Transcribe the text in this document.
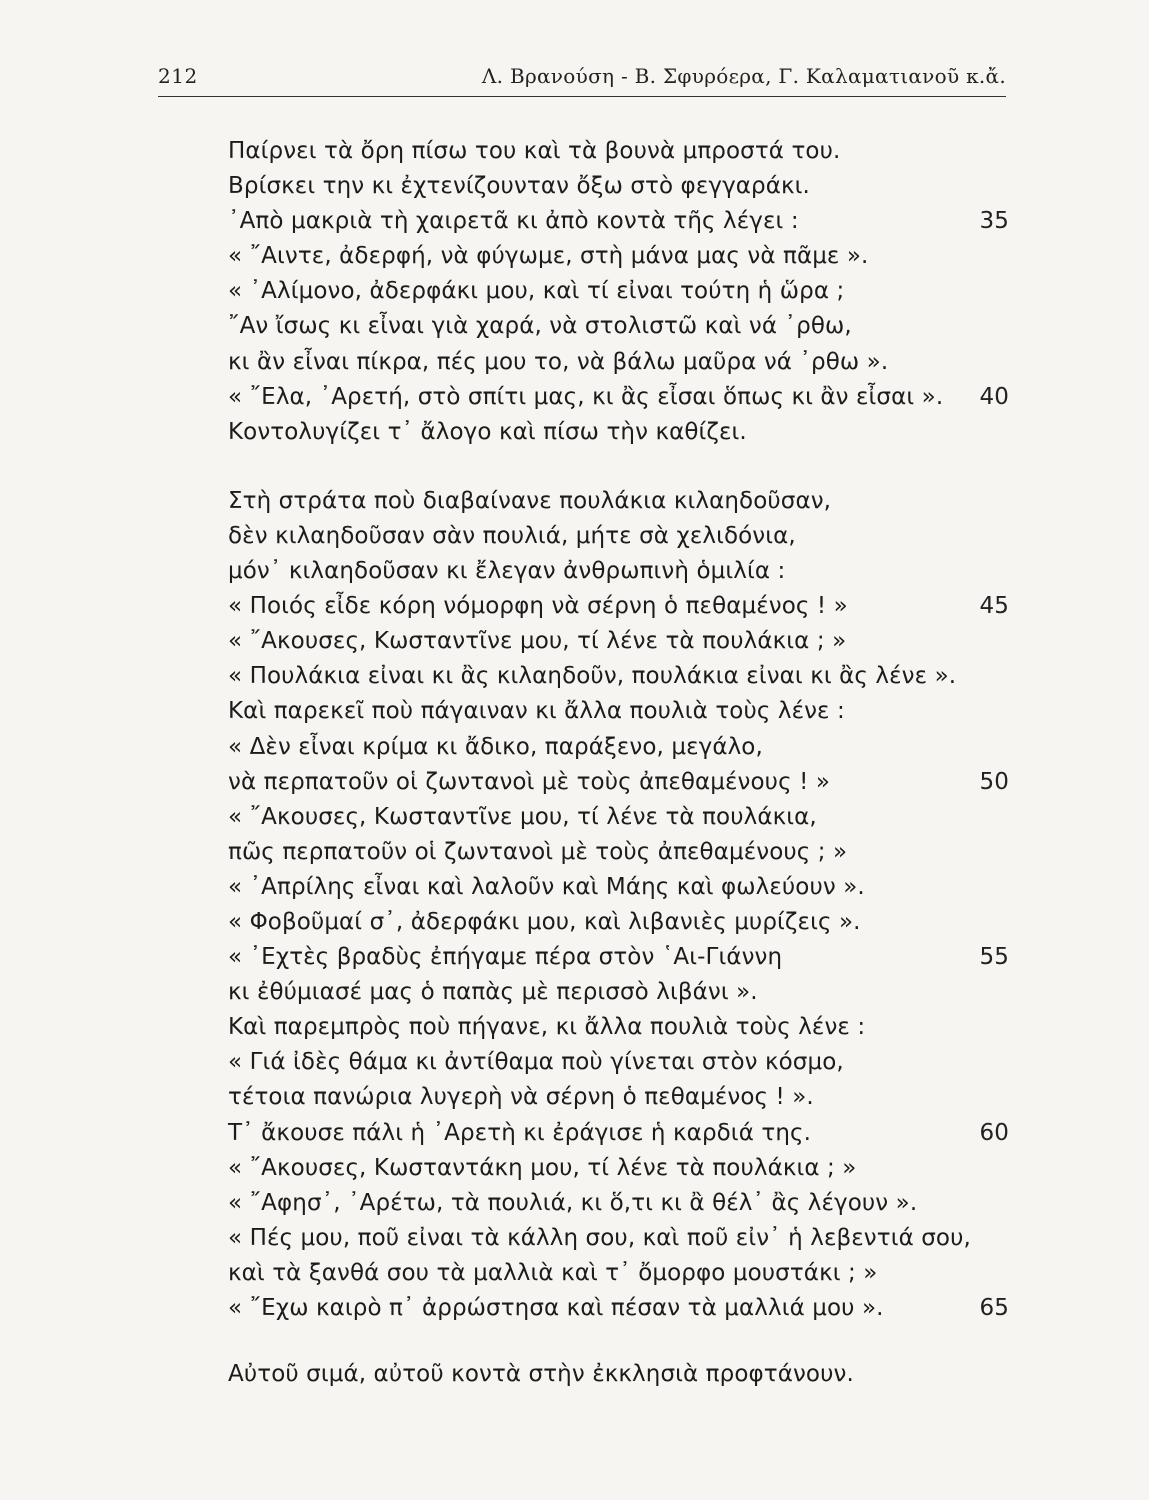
212	Λ. Βρανούση - Β. Σφυρόερα, Γ. Καλαματιανοῦ κ.ἄ.
Παίρνει τὰ ὄρη πίσω του καὶ τὰ βουνὰ μπροστά του.
Βρίσκει την κι ἐχτενίζουνταν ὄξω στὸ φεγγαράκι.
᾿Απὸ μακριὰ τὴ χαιρετᾶ κι ἀπὸ κοντὰ τῆς λέγει :	35
« ῎Αιντε, ἀδερφή, νὰ φύγωμε, στὴ μάνα μας νὰ πᾶμε ».
« ᾿Αλίμονο, ἀδερφάκι μου, καὶ τί εἰναι τούτη ἡ ὥρα ;
῎Αν ἴσως κι εἶναι γιὰ χαρά, νὰ στολιστῶ καὶ νά ᾿ρθω,
κι ἂν εἶναι πίκρα, πές μου το, νὰ βάλω μαῦρα νά ᾿ρθω ».
« ῎Ελα, ᾿Αρετή, στὸ σπίτι μας, κι ἂς εἶσαι ὅπως κι ἂν εἶσαι ». 40
Κοντολυγίζει τ᾿ ἄλογο καὶ πίσω τὴν καθίζει.
Στὴ στράτα ποὺ διαβαίνανε πουλάκια κιλαηδοῦσαν,
δὲν κιλαηδοῦσαν σὰν πουλιά, μήτε σὰ χελιδόνια,
μόν᾿ κιλαηδοῦσαν κι ἔλεγαν ἀνθρωπινὴ ὁμιλία :
« Ποιός εἶδε κόρη νόμορφη νὰ σέρνη ὁ πεθαμένος ! »	45
« ῎Ακουσες, Κωσταντῖνε μου, τί λένε τὰ πουλάκια ; »
« Πουλάκια εἰναι κι ἂς κιλαηδοῦν, πουλάκια εἰναι κι ἂς λένε ».
Καὶ παρεκεῖ ποὺ πάγαιναν κι ἄλλα πουλιὰ τοὺς λένε :
« Δὲν εἶναι κρίμα κι ἄδικο, παράξενο, μεγάλο,
νὰ περπατοῦν οἱ ζωντανοὶ μὲ τοὺς ἀπεθαμένους ! »	50
« ῎Ακουσες, Κωσταντῖνε μου, τί λένε τὰ πουλάκια,
πῶς περπατοῦν οἱ ζωντανοὶ μὲ τοὺς ἀπεθαμένους ; »
« ᾿Απρίλης εἶναι καὶ λαλοῦν καὶ Μάης καὶ φωλεύουν ».
« Φοβοῦμαί σ᾿, ἀδερφάκι μου, καὶ λιβανιὲς μυρίζεις ».
« ᾿Εχτὲς βραδὺς ἐπήγαμε πέρα στὸν ῾Αι-Γιάννη	55
κι ἐθύμιασέ μας ὁ παπὰς μὲ περισσὸ λιβάνι ».
Καὶ παρεμπρὸς ποὺ πήγανε, κι ἄλλα πουλιὰ τοὺς λένε :
« Γιά ἰδὲς θάμα κι ἀντίθαμα ποὺ γίνεται στὸν κόσμο,
τέτοια πανώρια λυγερὴ νὰ σέρνη ὁ πεθαμένος ! ».
Τ᾿ ἄκουσε πάλι ἡ ᾿Αρετὴ κι ἐράγισε ἡ καρδιά της.	60
« ῎Ακουσες, Κωσταντάκη μου, τί λένε τὰ πουλάκια ; »
« ῎Αφησ᾿, ᾿Αρέτω, τὰ πουλιά, κι ὅ,τι κι ἂ θέλ᾿ ἂς λέγουν ».
« Πές μου, ποῦ εἰναι τὰ κάλλη σου, καὶ ποῦ εἰν᾿ ἡ λεβεντιά σου,
καὶ τὰ ξανθά σου τὰ μαλλιὰ καὶ τ᾿ ὄμορφο μουστάκι ; »
« ῎Εχω καιρὸ π᾿ ἀρρώστησα καὶ πέσαν τὰ μαλλιά μου ».	65
Αὐτοῦ σιμά, αὐτοῦ κοντὰ στὴν ἐκκλησιὰ προφτάνουν.
